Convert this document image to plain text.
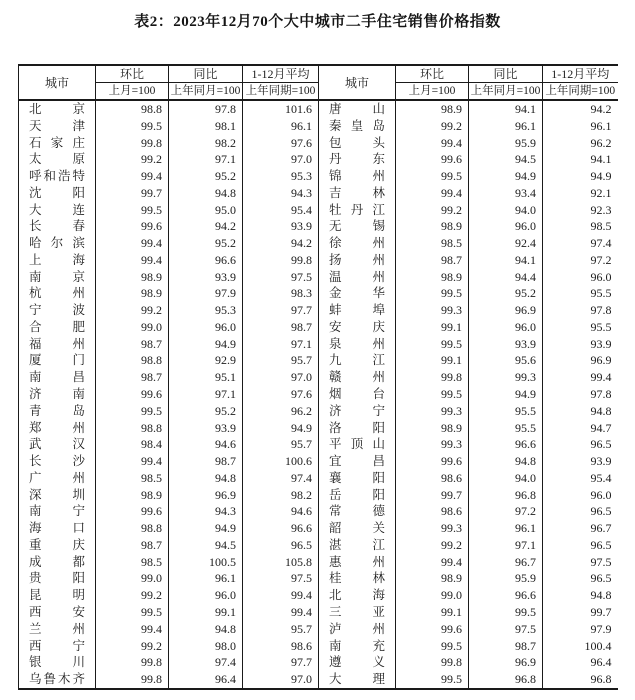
表2：2023年12月70个大中城市二手住宅销售价格指数
城市	环比	同比	1-12月平均	城市	环比	同比	1-12月平均
	上月=100	上年同月=100	上年同期=100		上月=100	上年同月=100	上年同期=100

北 京	98.8	97.8	101.6	唐 山	98.9	94.1	94.2

天 津	99.5	98.1	96.1	秦 皇 岛	99.2	96.1	96.1

石 家 庄	99.8	98.2	97.6	包 头	99.4	95.9	96.2

太 原	99.2	97.1	97.0	丹 东	99.6	94.5	94.1

呼 和 浩 特	99.4	95.2	95.3	锦 州	99.5	94.9	94.9

沈 阳	99.7	94.8	94.3	吉 林	99.4	93.4	92.1

大 连	99.5	95.0	95.4	牡 丹 江	99.2	94.0	92.3

长 春	99.6	94.2	93.9	无 锡	98.9	96.0	98.5

哈 尔 滨	99.4	95.2	94.2	徐 州	98.5	92.4	97.4

上 海	99.4	96.6	99.8	扬 州	98.7	94.1	97.2

南 京	98.9	93.9	97.5	温 州	98.9	94.4	96.0

杭 州	98.9	97.9	98.3	金 华	99.5	95.2	95.5

宁 波	99.2	95.3	97.7	蚌 埠	99.3	96.9	97.8

合 肥	99.0	96.0	98.7	安 庆	99.1	96.0	95.5

福 州	98.7	94.9	97.1	泉 州	99.5	93.9	93.9

厦 门	98.8	92.9	95.7	九 江	99.1	95.6	96.9

南 昌	98.7	95.1	97.0	赣 州	99.8	99.3	99.4

济 南	99.6	97.1	97.6	烟 台	99.5	94.9	97.8

青 岛	99.5	95.2	96.2	济 宁	99.3	95.5	94.8

郑 州	98.8	93.9	94.9	洛 阳	98.9	95.5	94.7

武 汉	98.4	94.6	95.7	平 顶 山	99.3	96.6	96.5

长 沙	99.4	98.7	100.6	宜 昌	99.6	94.8	93.9

广 州	98.5	94.8	97.4	襄 阳	98.6	94.0	95.4

深 圳	98.9	96.9	98.2	岳 阳	99.7	96.8	96.0

南 宁	99.6	94.3	94.6	常 德	98.6	97.2	96.5

海 口	98.8	94.9	96.6	韶 关	99.3	96.1	96.7

重 庆	98.7	94.5	96.5	湛 江	99.2	97.1	96.5

成 都	98.5	100.5	105.8	惠 州	99.4	96.7	97.5

贵 阳	99.0	96.1	97.5	桂 林	98.9	95.9	96.5

昆 明	99.2	96.0	99.4	北 海	99.0	96.6	94.8

西 安	99.5	99.1	99.4	三 亚	99.1	99.5	99.7

兰 州	99.4	94.8	95.7	泸 州	99.6	97.5	97.9

西 宁	99.2	98.0	98.6	南 充	99.5	98.7	100.4

银 川	99.8	97.4	97.7	遵 义	99.8	96.9	96.4

乌 鲁 木 齐	99.8	96.4	97.0	大 理	99.5	96.8	96.8
